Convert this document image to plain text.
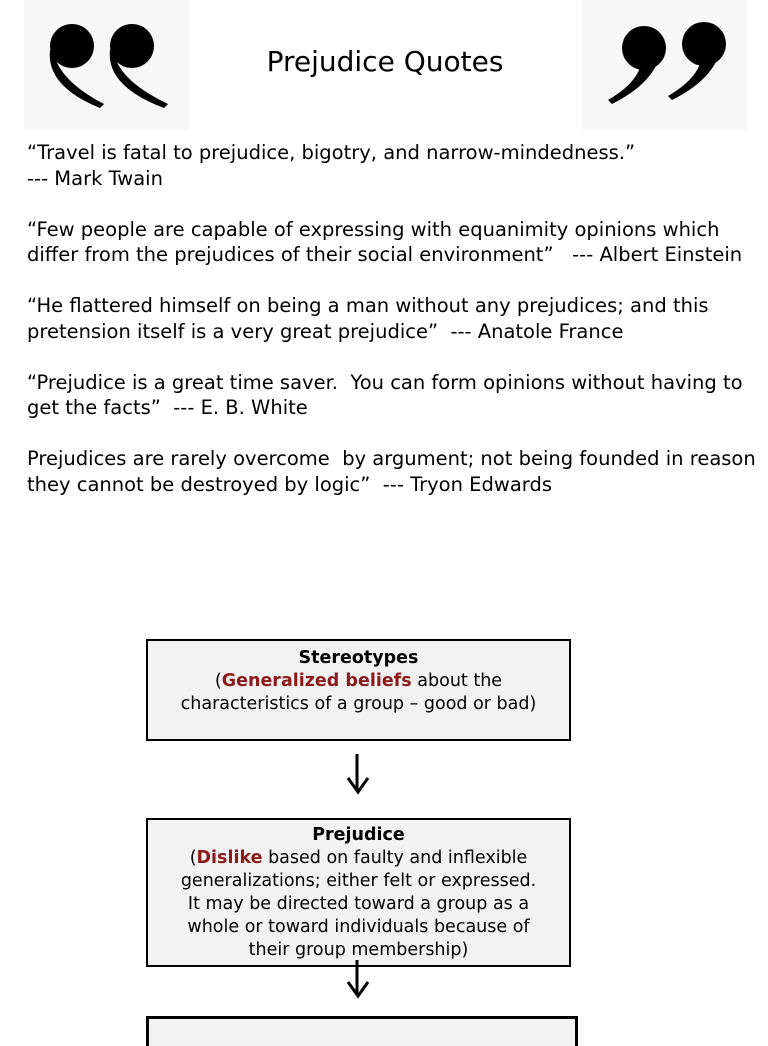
Prejudice Quotes

“Travel is fatal to prejudice, bigotry, and narrow-mindedness.”
--- Mark Twain

“Few people are capable of expressing with equanimity opinions which differ from the prejudices of their social environment”   --- Albert Einstein

“He flattered himself on being a man without any prejudices; and this pretension itself is a very great prejudice”  --- Anatole France

“Prejudice is a great time saver.  You can form opinions without having to get the facts”  --- E. B. White

Prejudices are rarely overcome  by argument; not being founded in reason they cannot be destroyed by logic”  --- Tryon Edwards

Stereotypes
(Generalized beliefs about the
characteristics of a group – good or bad)
Prejudice
(Dislike based on faulty and inflexible
generalizations; either felt or expressed.
It may be directed toward a group as a
whole or toward individuals because of
their group membership)
